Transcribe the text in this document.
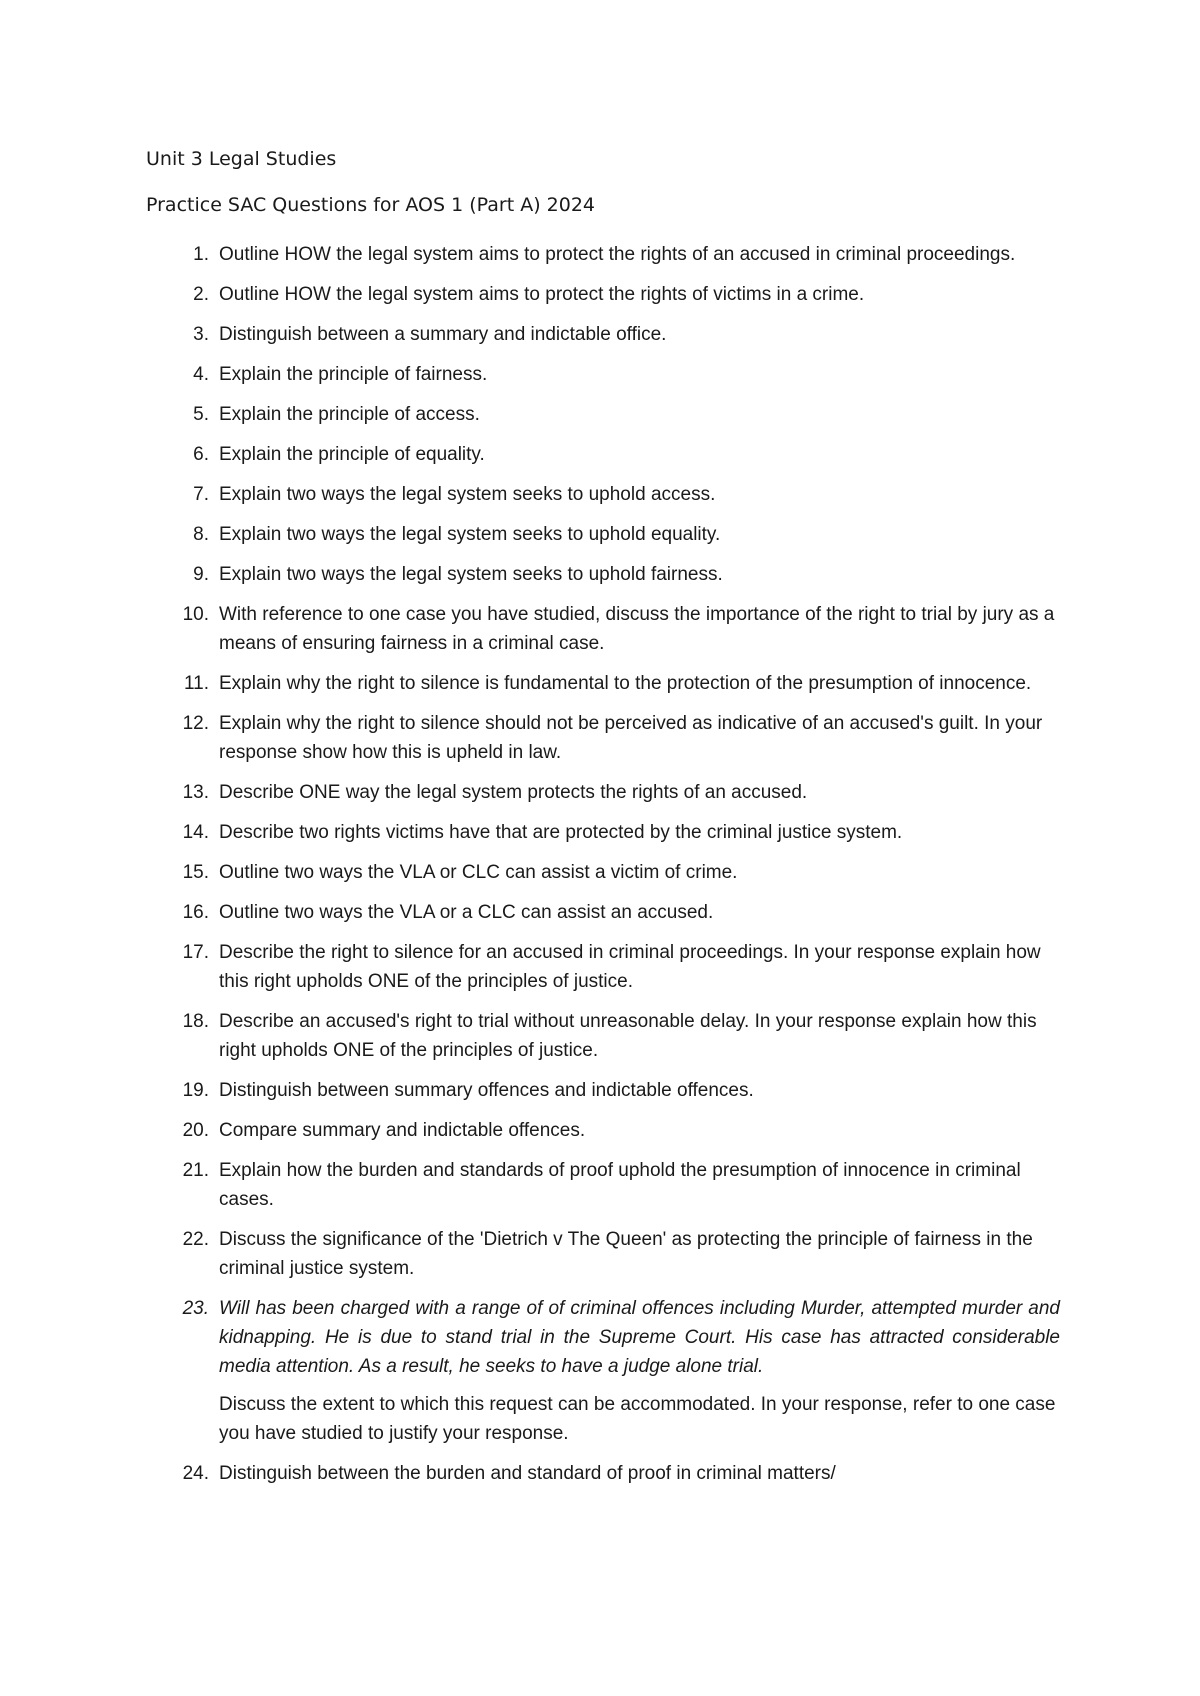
Unit 3 Legal Studies
Practice SAC Questions for AOS 1 (Part A) 2024
1. Outline HOW the legal system aims to protect the rights of an accused in criminal proceedings.
2. Outline HOW the legal system aims to protect the rights of victims in a crime.
3. Distinguish between a summary and indictable office.
4. Explain the principle of fairness.
5. Explain the principle of access.
6. Explain the principle of equality.
7. Explain two ways the legal system seeks to uphold access.
8. Explain two ways the legal system seeks to uphold equality.
9. Explain two ways the legal system seeks to uphold fairness.
10. With reference to one case you have studied, discuss the importance of the right to trial by jury as a means of ensuring fairness in a criminal case.
11. Explain why the right to silence is fundamental to the protection of the presumption of innocence.
12. Explain why the right to silence should not be perceived as indicative of an accused's guilt. In your response show how this is upheld in law.
13. Describe ONE way the legal system protects the rights of an accused.
14. Describe two rights victims have that are protected by the criminal justice system.
15. Outline two ways the VLA or CLC can assist a victim of crime.
16. Outline two ways the VLA or a CLC can assist an accused.
17. Describe the right to silence for an accused in criminal proceedings. In your response explain how this right upholds ONE of the principles of justice.
18. Describe an accused's right to trial without unreasonable delay. In your response explain how this right upholds ONE of the principles of justice.
19. Distinguish between summary offences and indictable offences.
20. Compare summary and indictable offences.
21. Explain how the burden and standards of proof uphold the presumption of innocence in criminal cases.
22. Discuss the significance of the 'Dietrich v The Queen' as protecting the principle of fairness in the criminal justice system.
23. Will has been charged with a range of of criminal offences including Murder, attempted murder and kidnapping. He is due to stand trial in the Supreme Court. His case has attracted considerable media attention. As a result, he seeks to have a judge alone trial.
Discuss the extent to which this request can be accommodated. In your response, refer to one case you have studied to justify your response.
24. Distinguish between the burden and standard of proof in criminal matters/
